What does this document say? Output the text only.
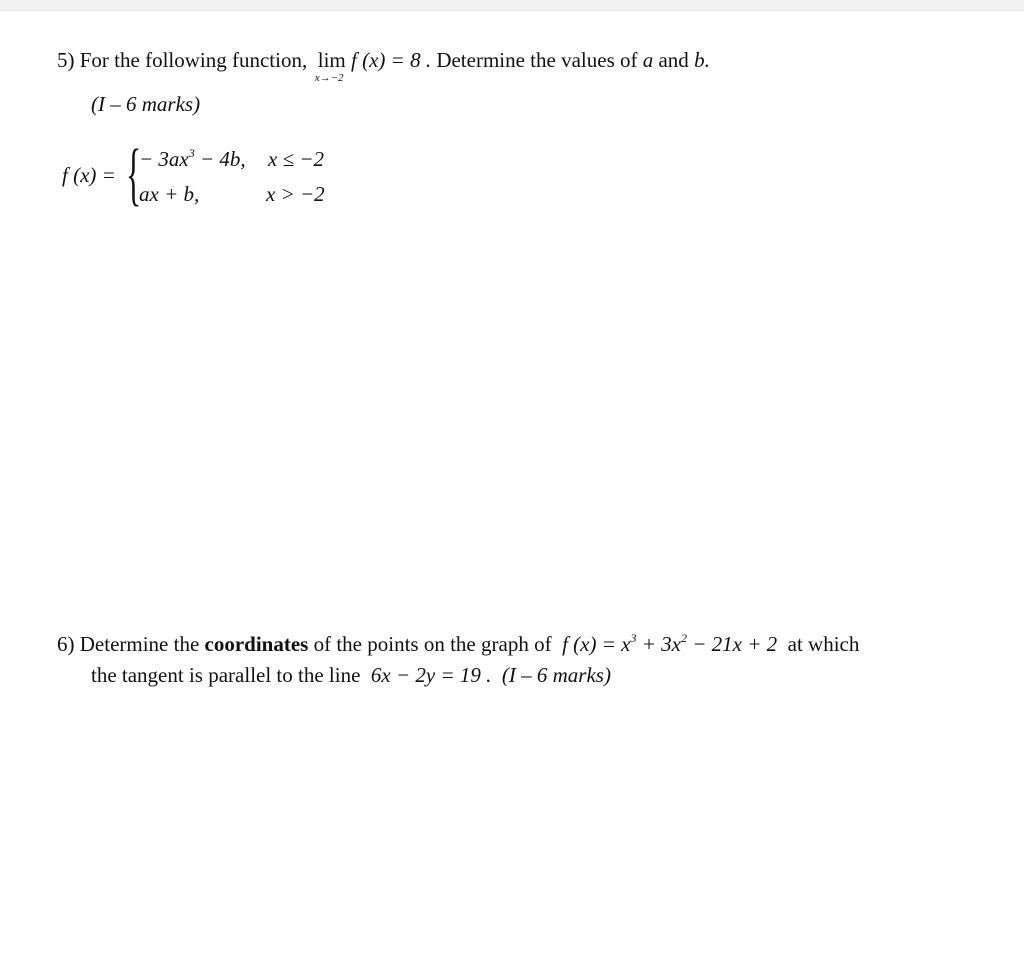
5) For the following function, lim
x→−2
f (x) = 8 . Determine the values of a and b.
(I – 6 marks)
f (x) = {
− $3ax^3 - 4b$, x ≤ −2
ax + b,	x > −2
6) Determine the coordinates of the points on the graph of f $(x) = x^3 + 3x^2 - 21x + 2$ at which
the tangent is parallel to the line 6x − 2y = 19 . (I – 6 marks)
